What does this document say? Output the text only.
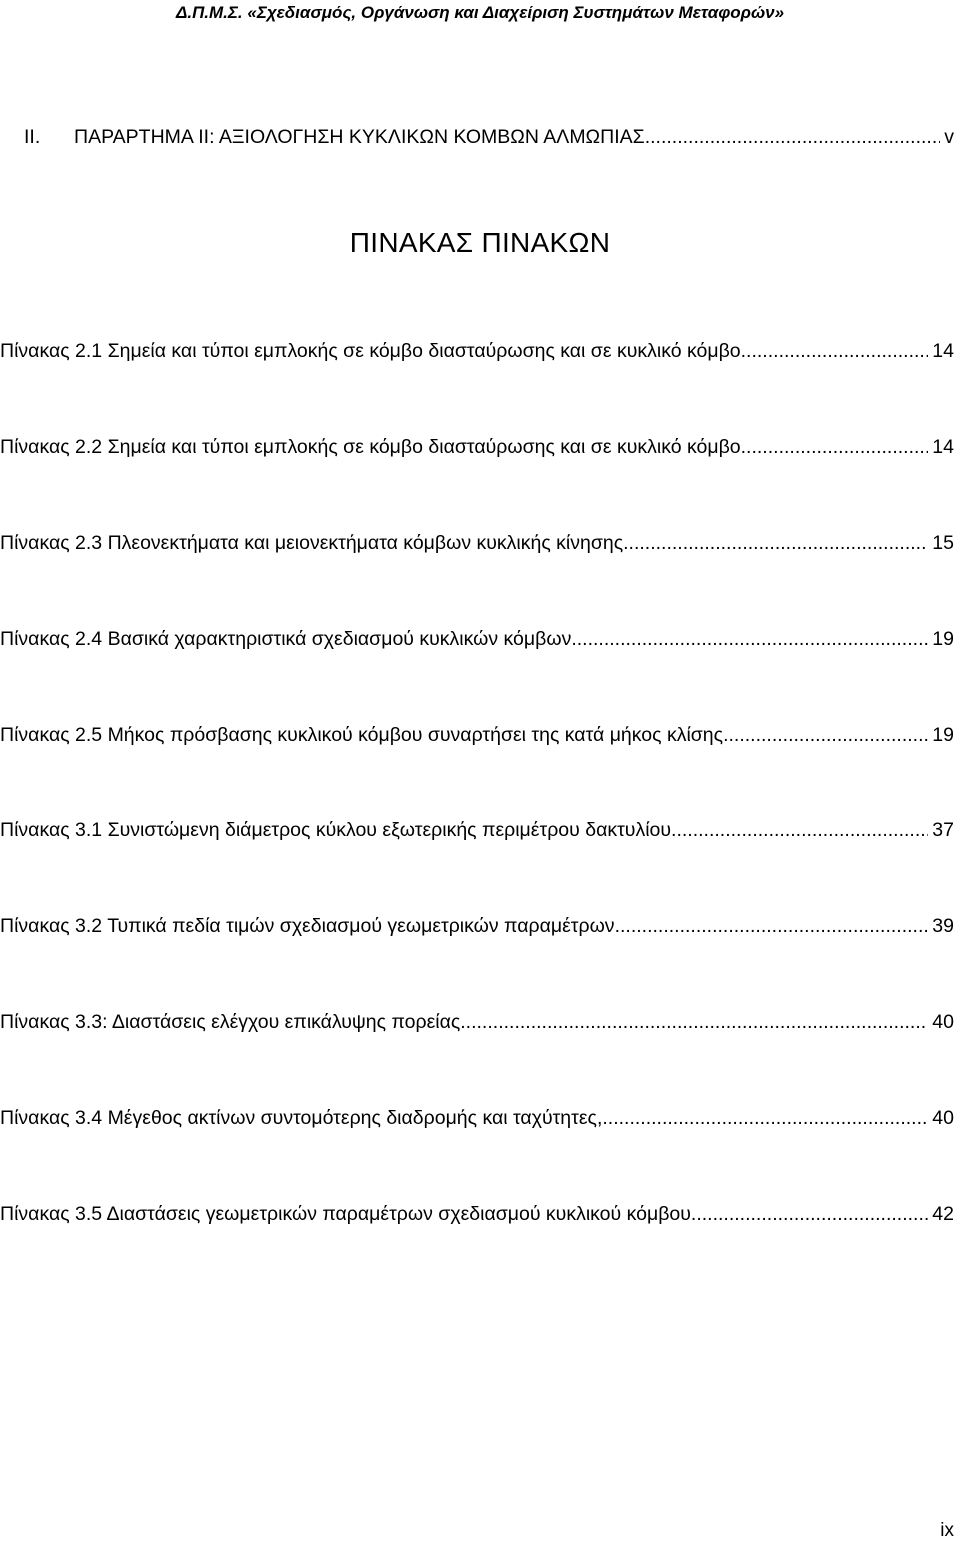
Δ.Π.Μ.Σ. «Σχεδιασμός, Οργάνωση και Διαχείριση Συστημάτων Μεταφορών»
II.	ΠΑΡΑΡΤΗΜΑ ΙΙ: ΑΞΙΟΛΟΓΗΣΗ ΚΥΚΛΙΚΩΝ ΚΟΜΒΩΝ ΑΛΜΩΠΙΑΣ .....	v
ΠΙΝΑΚΑΣ ΠΙΝΑΚΩΝ
Πίνακας 2.1 Σημεία και τύποι εμπλοκής σε κόμβο διασταύρωσης και σε κυκλικό κόμβο .....	14
Πίνακας 2.2 Σημεία και τύποι εμπλοκής σε κόμβο διασταύρωσης και σε κυκλικό κόμβο .....	14
Πίνακας 2.3 Πλεονεκτήματα και μειονεκτήματα κόμβων κυκλικής κίνησης .....	15
Πίνακας 2.4 Βασικά χαρακτηριστικά σχεδιασμού κυκλικών κόμβων .....	19
Πίνακας 2.5 Μήκος πρόσβασης κυκλικού κόμβου συναρτήσει της κατά μήκος κλίσης .....	19
Πίνακας 3.1 Συνιστώμενη διάμετρος κύκλου εξωτερικής περιμέτρου δακτυλίου .....	37
Πίνακας 3.2 Τυπικά πεδία τιμών σχεδιασμού γεωμετρικών παραμέτρων .....	39
Πίνακας 3.3: Διαστάσεις ελέγχου επικάλυψης πορείας .....	40
Πίνακας 3.4 Μέγεθος ακτίνων συντομότερης διαδρομής και ταχύτητες, .....	40
Πίνακας 3.5 Διαστάσεις γεωμετρικών παραμέτρων σχεδιασμού κυκλικού κόμβου .....	42
ix
